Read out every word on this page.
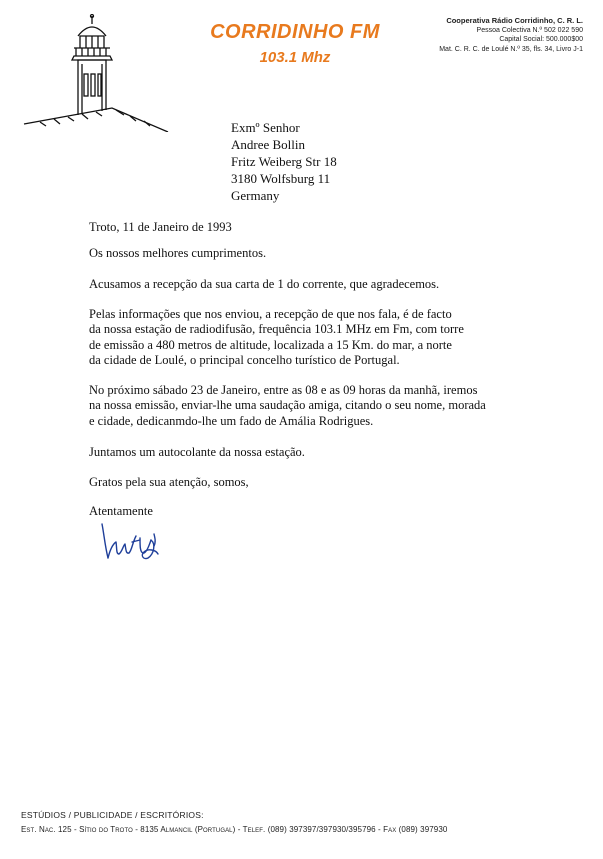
CORRIDINHO FM
103.1 Mhz
Cooperativa Rádio Corridinho, C. R. L.
Pessoa Colectiva N.º 502 022 590
Capital Social: 500.000$00
Mat. C. R. C. de Loulé N.º 35, fls. 34, Livro J-1
Exmº Senhor
Andree Bollin
Fritz Weiberg Str 18
3180 Wolfsburg 11
Germany

Troto, 11 de Janeiro de 1993

Os nossos melhores cumprimentos.

Acusamos a recepção da sua carta de 1 do corrente, que agradecemos.

Pelas informações que nos enviou, a recepção de que nos fala, é de facto
da nossa estação de radiodifusão, frequência 103.1 MHz em Fm, com torre
de emissão a 480 metros de altitude, localizada a 15 Km. do mar, a norte
da cidade de Loulé, o principal concelho turístico de Portugal.

No próximo sábado 23 de Janeiro, entre as 08 e as 09 horas da manhã, iremos
na nossa emissão, enviar-lhe uma saudação amiga, citando o seu nome, morada
e cidade, dedicanmdo-lhe um fado de Amália Rodrigues.

Juntamos um autocolante da nossa estação.

Gratos pela sua atenção, somos,

Atentamente

ESTÚDIOS / PUBLICIDADE / ESCRITÓRIOS:
Est. Nac. 125 - Sítio do Troto - 8135 Almancil (Portugal) - Telef. (089) 397397/397930/395796 - Fax (089) 397930
